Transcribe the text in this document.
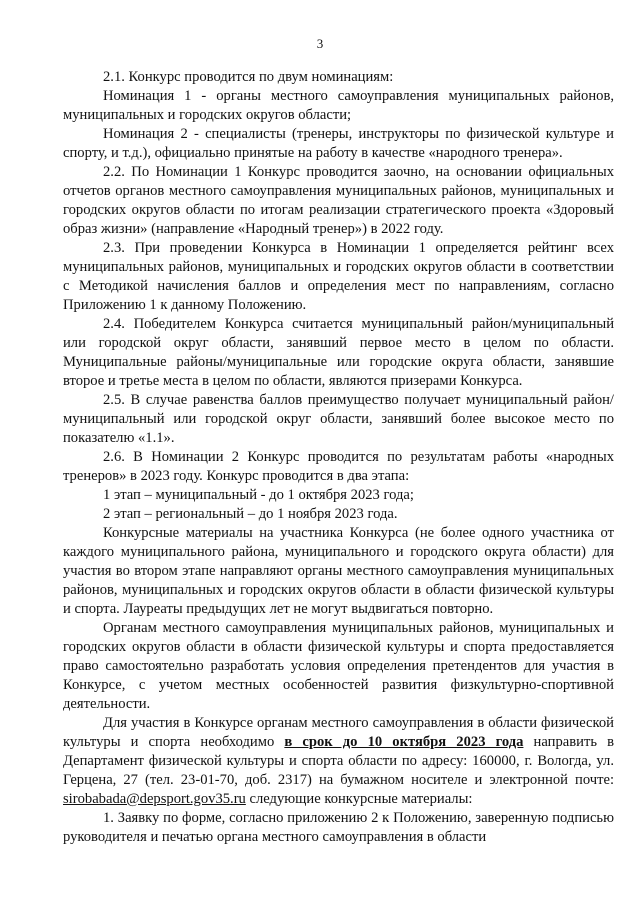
3

2.1. Конкурс проводится по двум номинациям:

Номинация 1 - органы местного самоуправления муниципальных районов, муниципальных и городских округов области;

Номинация 2 - специалисты (тренеры, инструкторы по физической культуре и спорту, и т.д.), официально принятые на работу в качестве «народного тренера».

2.2. По Номинации 1 Конкурс проводится заочно, на основании официальных отчетов органов местного самоуправления муниципальных районов, муниципальных и городских округов области по итогам реализации стратегического проекта «Здоровый образ жизни» (направление «Народный тренер») в 2022 году.

2.3. При проведении Конкурса в Номинации 1 определяется рейтинг всех муниципальных районов, муниципальных и городских округов области в соответствии с Методикой начисления баллов и определения мест по направлениям, согласно Приложению 1 к данному Положению.

2.4. Победителем Конкурса считается муниципальный район/муниципальный или городской округ области, занявший первое место в целом по области. Муниципальные районы/муниципальные или городские округа области, занявшие второе и третье места в целом по области, являются призерами Конкурса.

2.5. В случае равенства баллов преимущество получает муниципальный район/муниципальный или городской округ области, занявший более высокое место по показателю «1.1».

2.6. В Номинации 2 Конкурс проводится по результатам работы «народных тренеров» в 2023 году. Конкурс проводится в два этапа:

1 этап – муниципальный - до 1 октября 2023 года;

2 этап – региональный – до 1 ноября 2023 года.

Конкурсные материалы на участника Конкурса (не более одного участника от каждого муниципального района, муниципального и городского округа области) для участия во втором этапе направляют органы местного самоуправления муниципальных районов, муниципальных и городских округов области в области физической культуры и спорта. Лауреаты предыдущих лет не могут выдвигаться повторно.

Органам местного самоуправления муниципальных районов, муниципальных и городских округов области в области физической культуры и спорта предоставляется право самостоятельно разработать условия определения претендентов для участия в Конкурсе, с учетом местных особенностей развития физкультурно-спортивной деятельности.

Для участия в Конкурсе органам местного самоуправления в области физической культуры и спорта необходимо в срок до 10 октября 2023 года направить в Департамент физической культуры и спорта области по адресу: 160000, г. Вологда, ул. Герцена, 27 (тел. 23-01-70, доб. 2317) на бумажном носителе и электронной почте: sirobabada@depsport.gov35.ru следующие конкурсные материалы:

1. Заявку по форме, согласно приложению 2 к Положению, заверенную подписью руководителя и печатью органа местного самоуправления в области
